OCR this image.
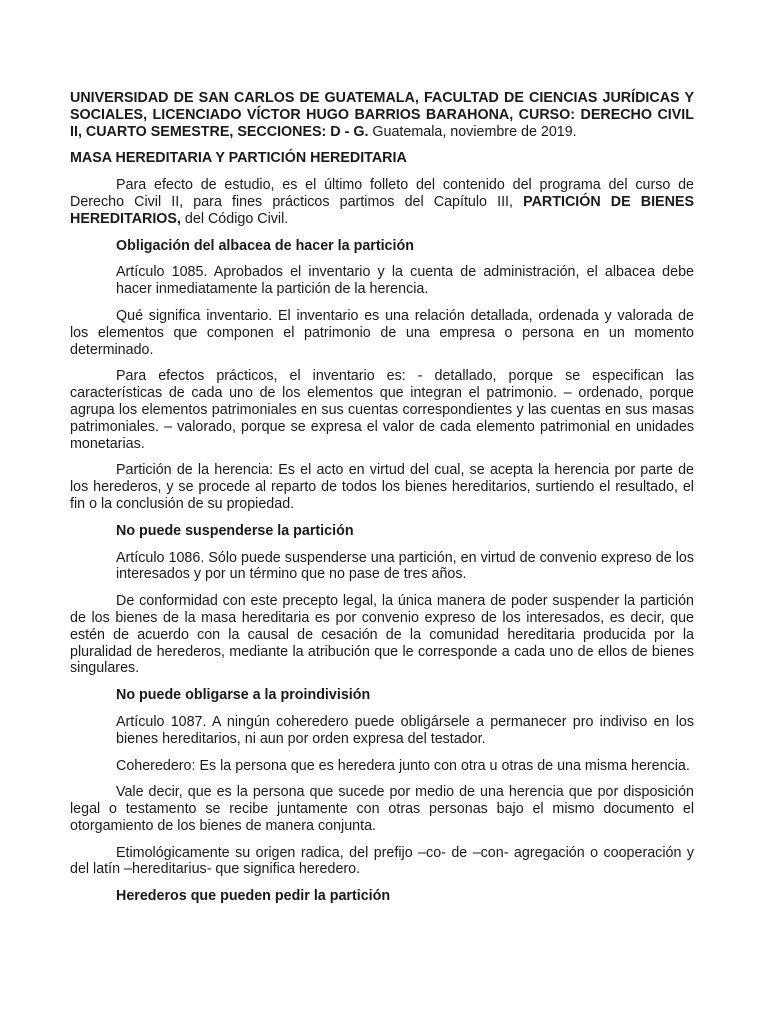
UNIVERSIDAD DE SAN CARLOS DE GUATEMALA, FACULTAD DE CIENCIAS JURÍDICAS Y SOCIALES, LICENCIADO VÍCTOR HUGO BARRIOS BARAHONA, CURSO: DERECHO CIVIL II, CUARTO SEMESTRE, SECCIONES: D - G. Guatemala, noviembre de 2019.

MASA HEREDITARIA Y PARTICIÓN HEREDITARIA

Para efecto de estudio, es el último folleto del contenido del programa del curso de Derecho Civil II, para fines prácticos partimos del Capítulo III, PARTICIÓN DE BIENES HEREDITARIOS, del Código Civil.

Obligación del albacea de hacer la partición

Artículo 1085. Aprobados el inventario y la cuenta de administración, el albacea debe hacer inmediatamente la partición de la herencia.

Qué significa inventario. El inventario es una relación detallada, ordenada y valorada de los elementos que componen el patrimonio de una empresa o persona en un momento determinado.

Para efectos prácticos, el inventario es: - detallado, porque se especifican las características de cada uno de los elementos que integran el patrimonio. – ordenado, porque agrupa los elementos patrimoniales en sus cuentas correspondientes y las cuentas en sus masas patrimoniales. – valorado, porque se expresa el valor de cada elemento patrimonial en unidades monetarias.

Partición de la herencia: Es el acto en virtud del cual, se acepta la herencia por parte de los herederos, y se procede al reparto de todos los bienes hereditarios, surtiendo el resultado, el fin o la conclusión de su propiedad.

No puede suspenderse la partición

Artículo 1086. Sólo puede suspenderse una partición, en virtud de convenio expreso de los interesados y por un término que no pase de tres años.

De conformidad con este precepto legal, la única manera de poder suspender la partición de los bienes de la masa hereditaria es por convenio expreso de los interesados, es decir, que estén de acuerdo con la causal de cesación de la comunidad hereditaria producida por la pluralidad de herederos, mediante la atribución que le corresponde a cada uno de ellos de bienes singulares.

No puede obligarse a la proindivisión

Artículo 1087. A ningún coheredero puede obligársele a permanecer pro indiviso en los bienes hereditarios, ni aun por orden expresa del testador.

Coheredero: Es la persona que es heredera junto con otra u otras de una misma herencia.

Vale decir, que es la persona que sucede por medio de una herencia que por disposición legal o testamento se recibe juntamente con otras personas bajo el mismo documento el otorgamiento de los bienes de manera conjunta.

Etimológicamente su origen radica, del prefijo –co- de –con- agregación o cooperación y del latín –hereditarius- que significa heredero.

Herederos que pueden pedir la partición
